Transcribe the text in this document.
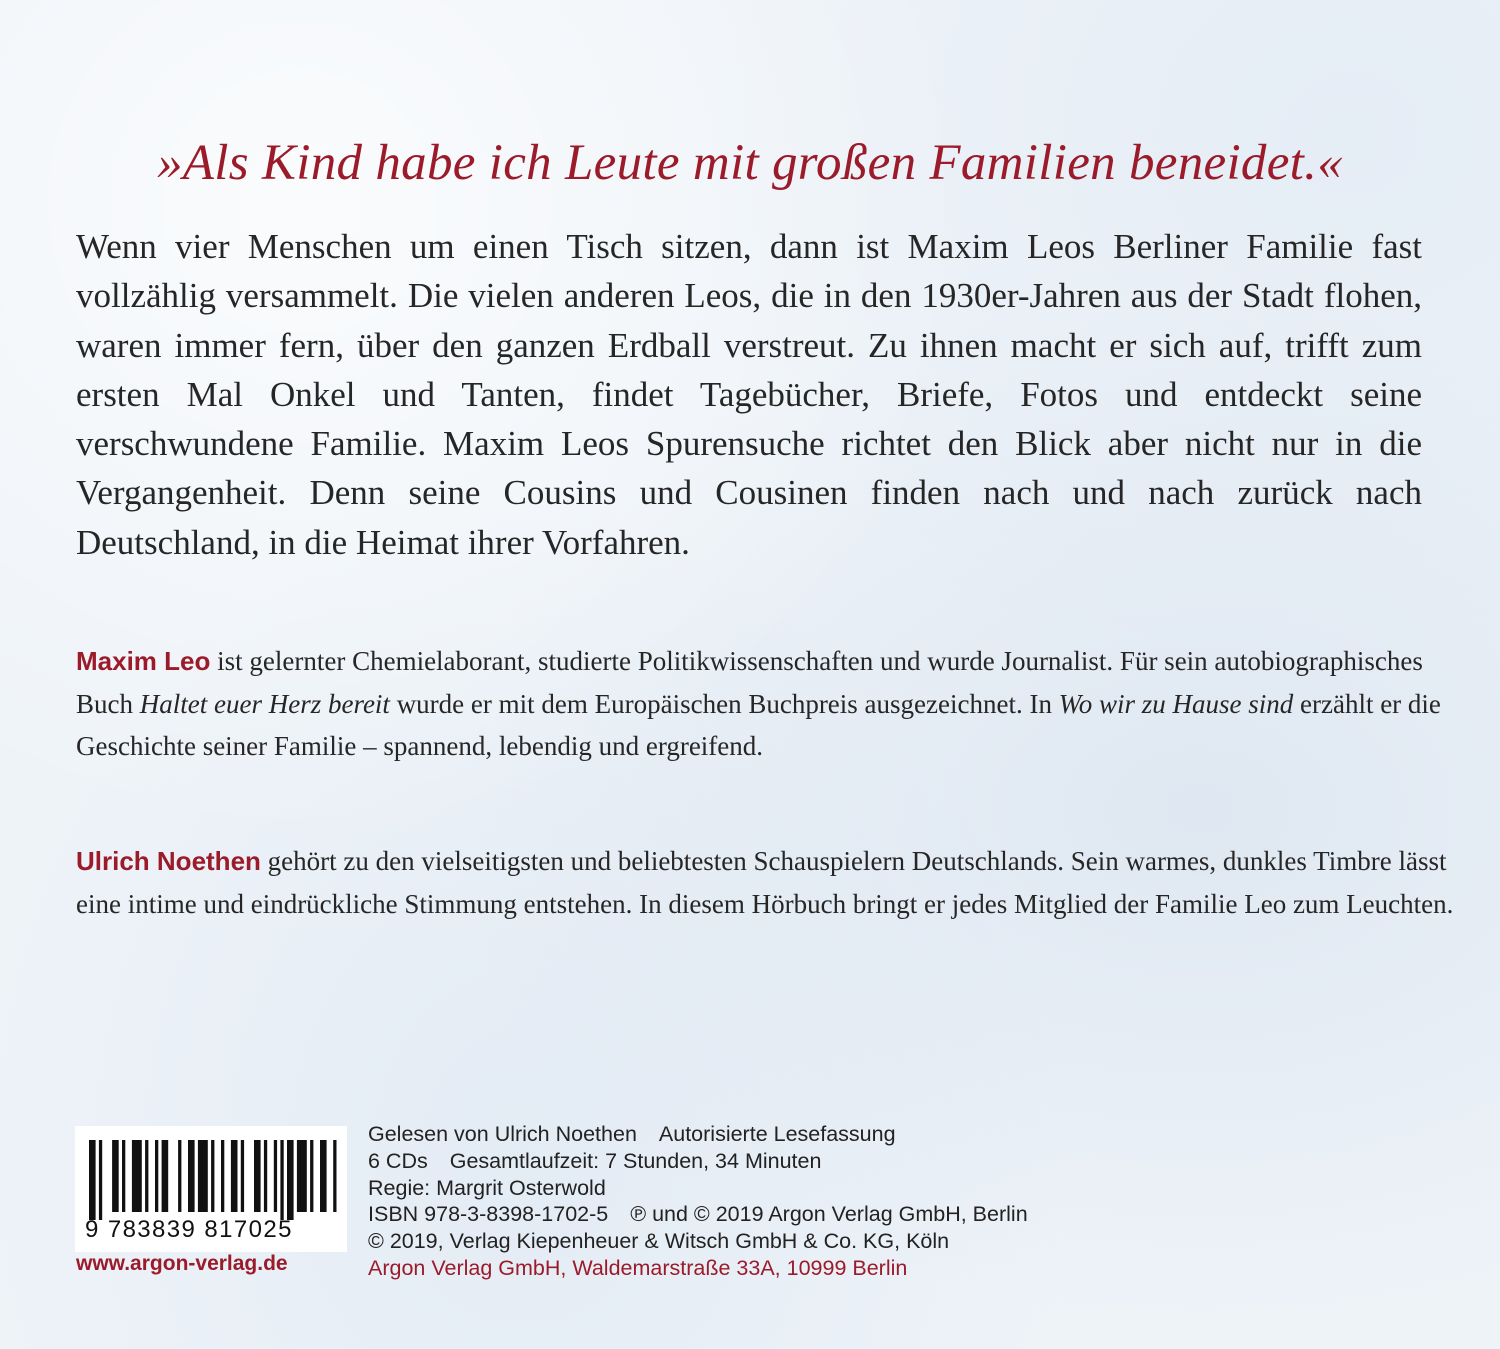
»Als Kind habe ich Leute mit großen Familien beneidet.«

Wenn vier Menschen um einen Tisch sitzen, dann ist Maxim Leos Berliner Familie fast vollzählig versammelt. Die vielen anderen Leos, die in den 1930er-Jahren aus der Stadt flohen, waren immer fern, über den ganzen Erdball verstreut. Zu ihnen macht er sich auf, trifft zum ersten Mal Onkel und Tanten, findet Tagebücher, Briefe, Fotos und entdeckt seine verschwundene Familie. Maxim Leos Spurensuche richtet den Blick aber nicht nur in die Vergangenheit. Denn seine Cousins und Cousinen finden nach und nach zurück nach Deutschland, in die Heimat ihrer Vorfahren.

Maxim Leo ist gelernter Chemielaborant, studierte Politikwissenschaften und wurde Journalist. Für sein autobiographisches Buch Haltet euer Herz bereit wurde er mit dem Europäischen Buchpreis ausgezeichnet. In Wo wir zu Hause sind erzählt er die Geschichte seiner Familie – spannend, lebendig und ergreifend.
Ulrich Noethen gehört zu den vielseitigsten und beliebtesten Schauspielern Deutschlands. Sein warmes, dunkles Timbre lässt eine intime und eindrückliche Stimmung entstehen. In diesem Hörbuch bringt er jedes Mitglied der Familie Leo zum Leuchten.
9 783839 817025
www.argon-verlag.de
Gelesen von Ulrich Noethen Autorisierte Lesefassung
6 CDs Gesamtlaufzeit: 7 Stunden, 34 Minuten
Regie: Margrit Osterwold
ISBN 978-3-8398-1702-5 ℗ und © 2019 Argon Verlag GmbH, Berlin
© 2019, Verlag Kiepenheuer & Witsch GmbH & Co. KG, Köln
Argon Verlag GmbH, Waldemarstraße 33A, 10999 Berlin
